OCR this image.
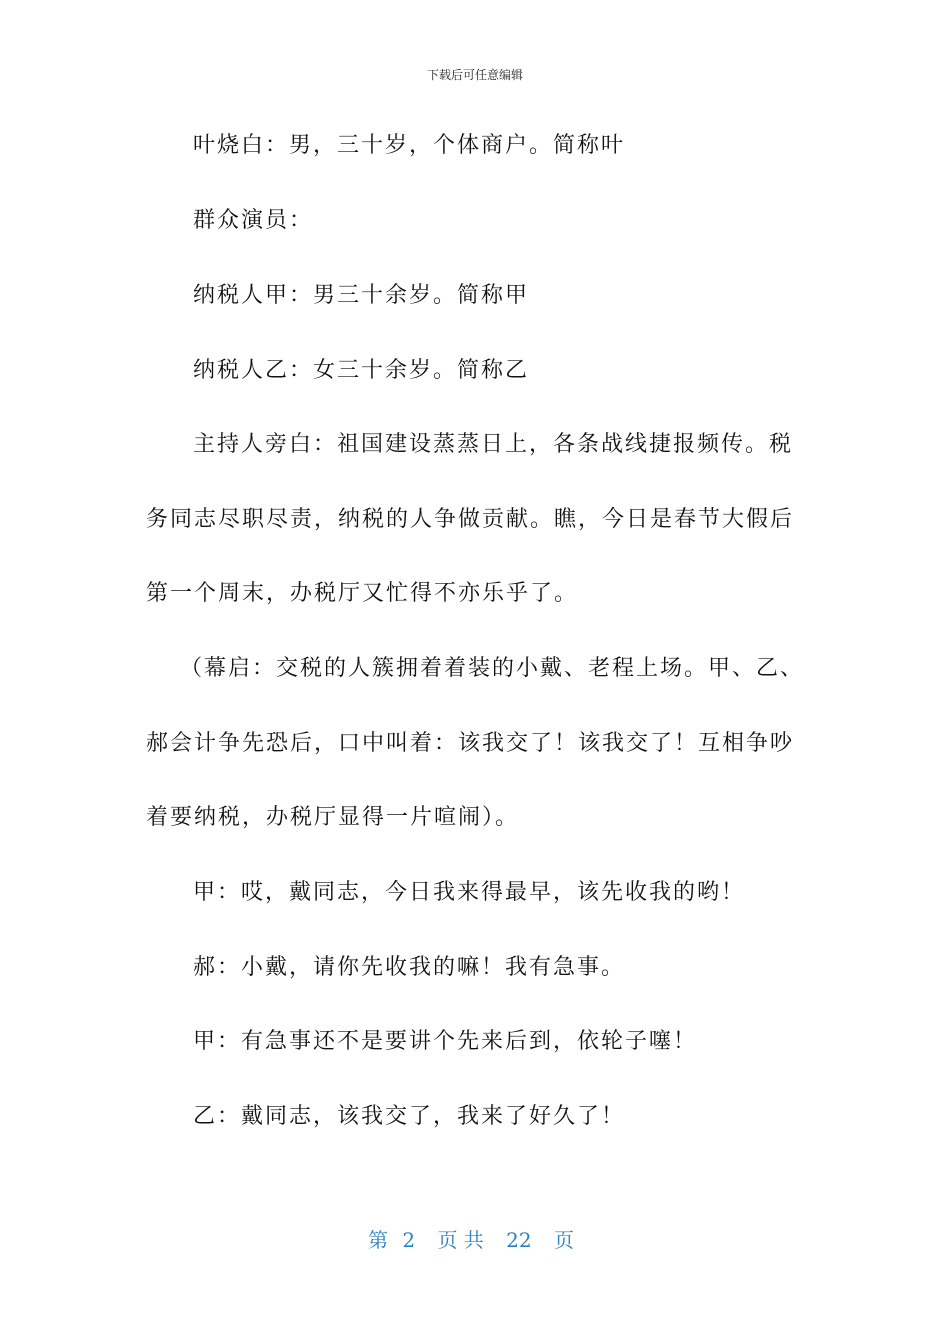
下载后可任意编辑
叶烧白：男，三十岁，个体商户。简称叶
群众演员：
纳税人甲：男三十余岁。简称甲
纳税人乙：女三十余岁。简称乙
主持人旁白：祖国建设蒸蒸日上，各条战线捷报频传。税
务同志尽职尽责，纳税的人争做贡献。瞧，今日是春节大假后
第一个周末，办税厅又忙得不亦乐乎了。
（幕启：交税的人簇拥着着装的小戴、老程上场。甲、乙、
郝会计争先恐后，口中叫着：该我交了！该我交了！互相争吵
着要纳税，办税厅显得一片喧闹）。
甲：哎，戴同志，今日我来得最早，该先收我的哟！
郝：小戴，请你先收我的嘛！我有急事。
甲：有急事还不是要讲个先来后到，依轮子噻！
乙：戴同志，该我交了，我来了好久了！
第 2 页 共 22 页
